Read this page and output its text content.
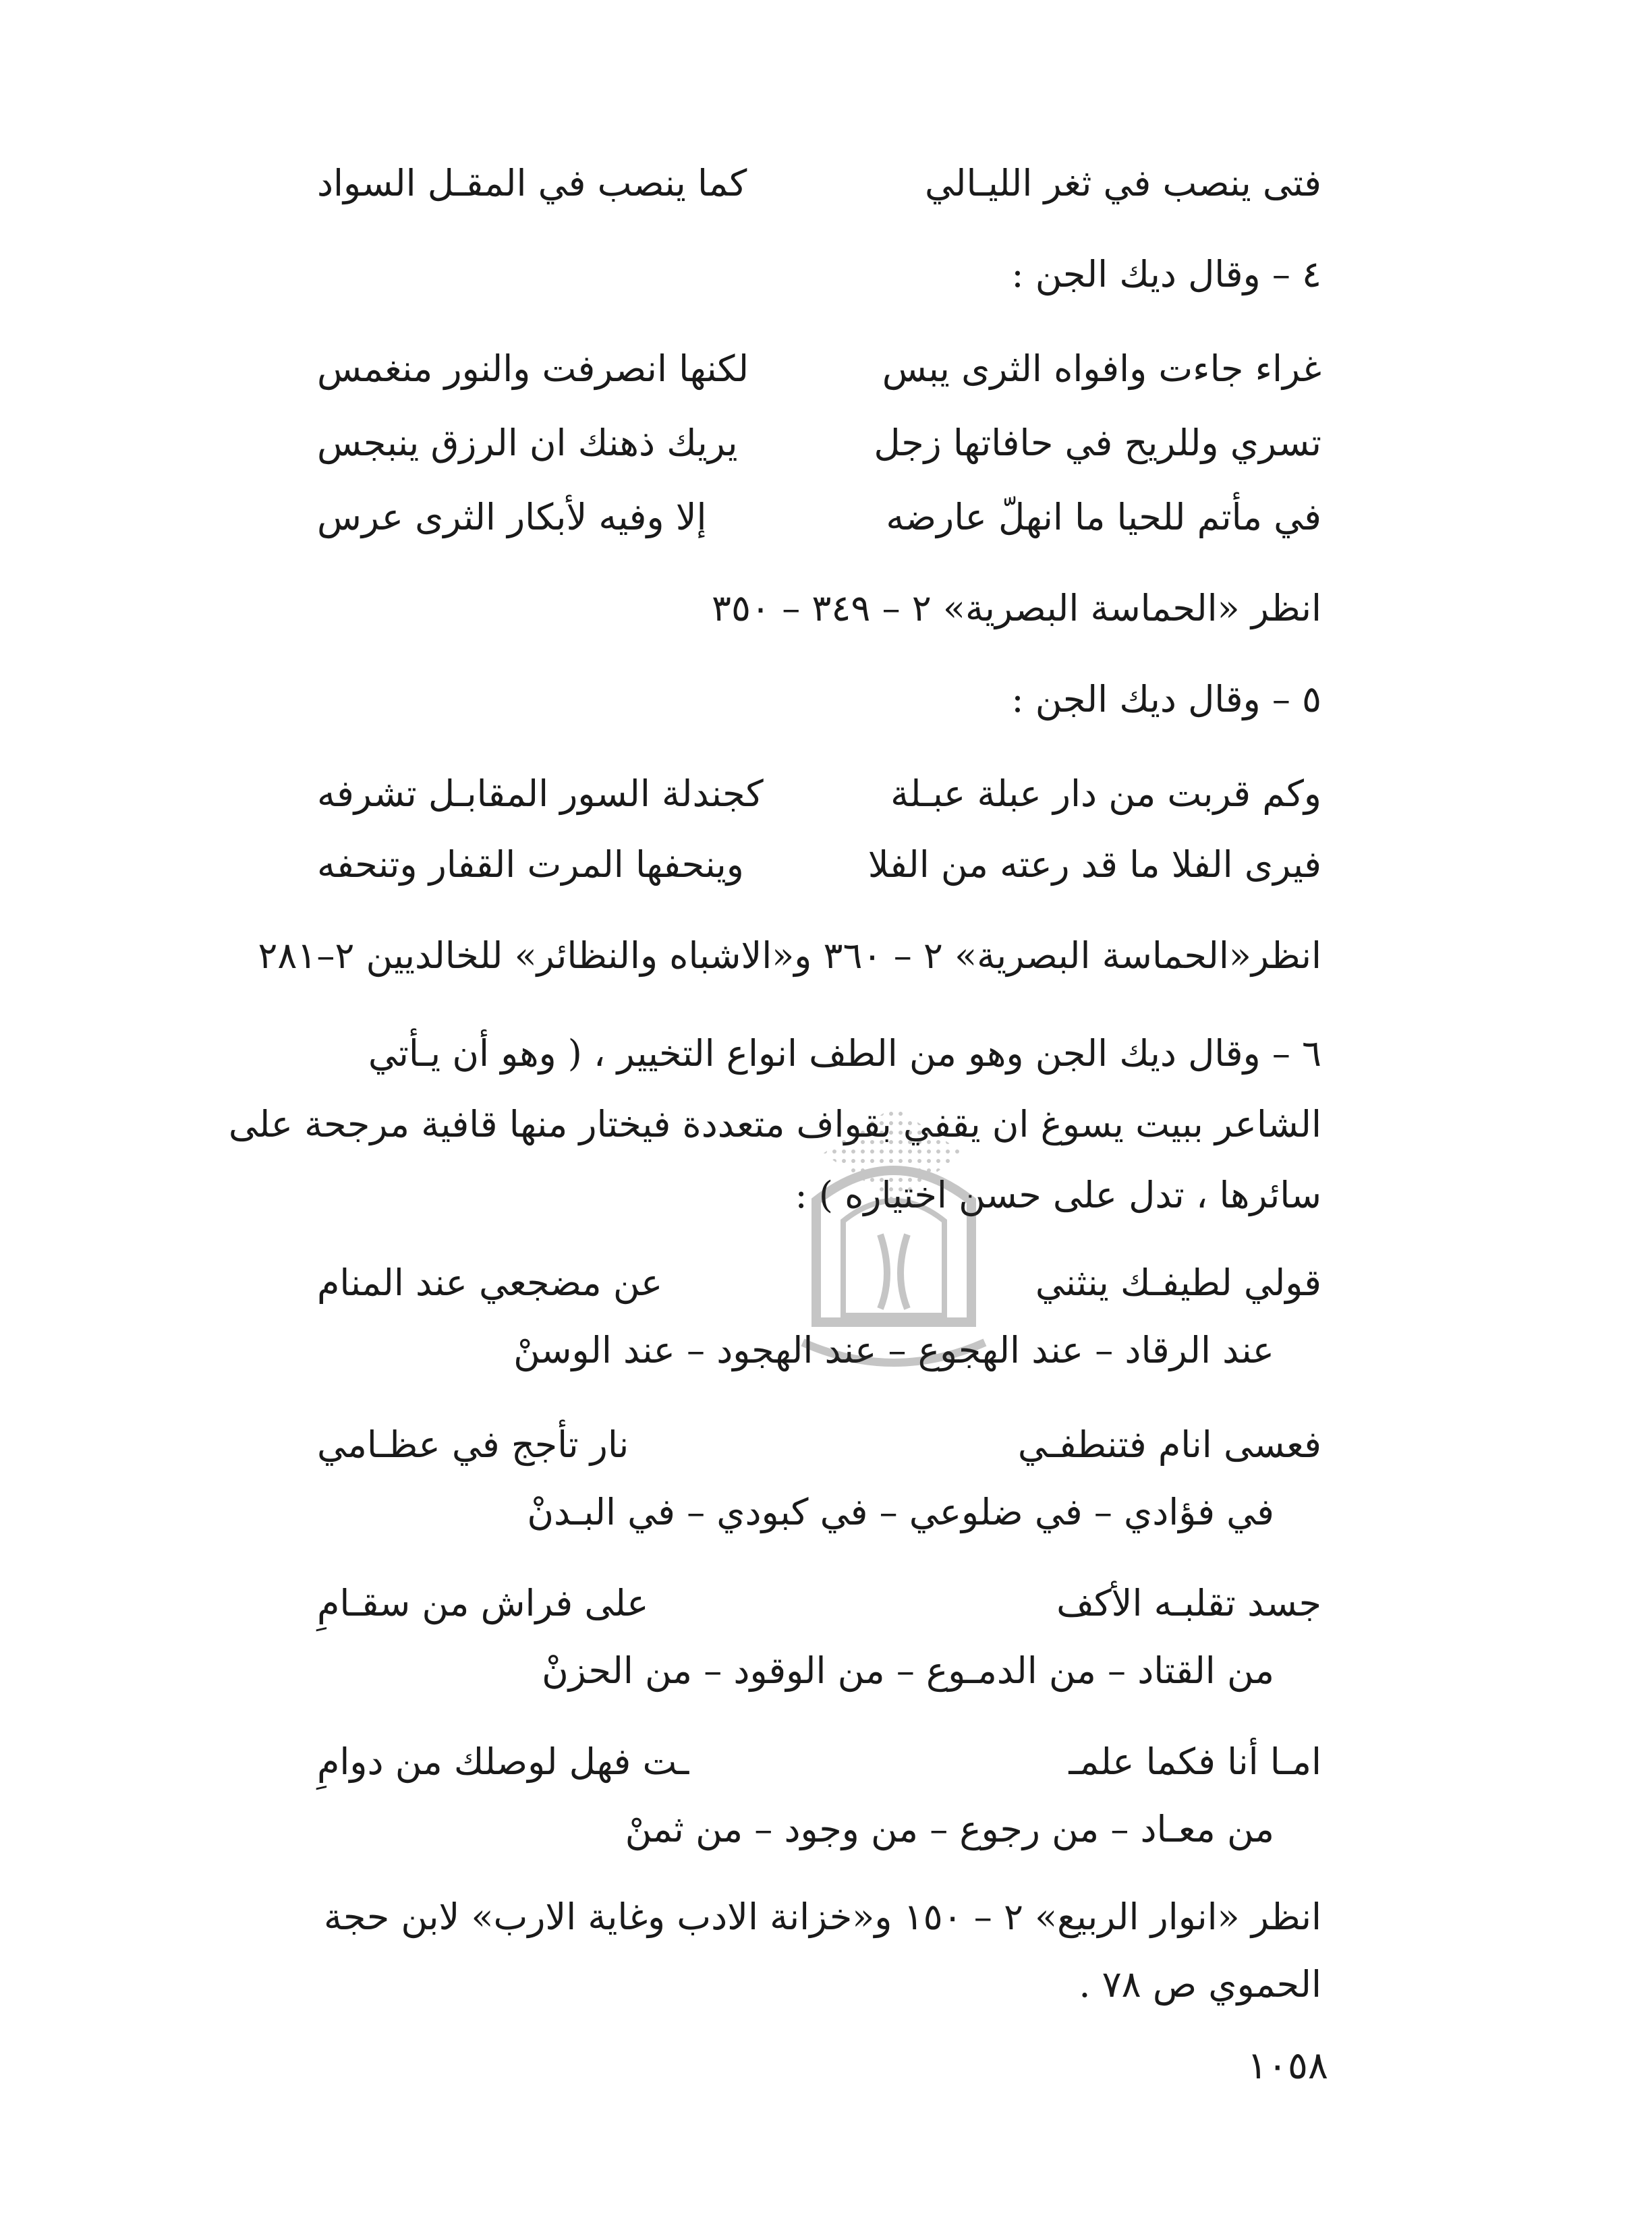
فتى ينصب في ثغر الليـالي
كما ينصب في المقـل السواد
٤ – وقال ديك الجن :
غراء جاءت وافواه الثرى يبس
لكنها انصرفت والنور منغمس
تسري وللريح في حافاتها زجل
يريك ذهنك ان الرزق ينبجس
في مأتم للحيا ما انهلّ عارضه
إلا وفيه لأبكار الثرى عرس
انظر «الحماسة البصرية» ٢ – ٣٤٩ – ٣٥٠
٥ – وقال ديك الجن :
وكم قربت من دار عبلة عبـلة
كجندلة السور المقابـل تشرفه
فيرى الفلا ما قد رعته من الفلا
وينحفها المرت القفار وتنحفه
انظر«الحماسة البصرية» ٢ – ٣٦٠ و«الاشباه والنظائر» للخالديين ٢–٢٨١
٦ – وقال ديك الجن وهو من الطف انواع التخيير ، ( وهو أن يـأتي
الشاعر ببيت يسوغ ان يقفي بقواف متعددة فيختار منها قافية مرجحة على
سائرها ، تدل على حسن اختياره ) :
قولي لطيفـك ينثني
عن مضجعي عند المنام
عند الرقاد – عند الهجوع – عند الهجود – عند الوسنْ
فعسى انام فتنطفـي
نار تأجج في عظـامي
في فؤادي – في ضلوعي – في كبودي – في البـدنْ
جسد تقلبـه الأكف
على فراش من سقـامِ
من القتاد – من الدمـوع – من الوقود – من الحزنْ
امـا أنا فكما علمـ
ـت فهل لوصلك من دوامِ
من معـاد – من رجوع – من وجود – من ثمنْ
انظر «انوار الربيع» ٢ – ١٥٠ و«خزانة الادب وغاية الارب» لابن حجة
الحموي ص ٧٨ .
١٠٥٨
